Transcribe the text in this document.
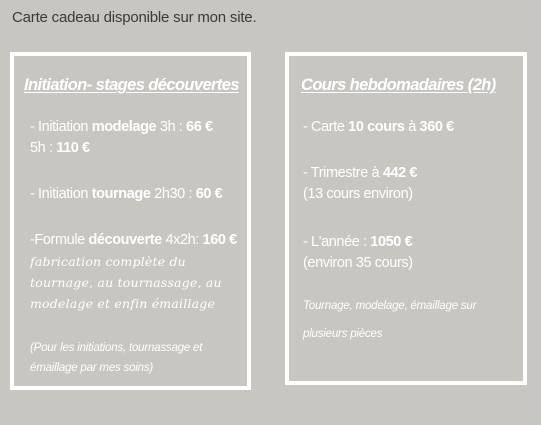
Carte cadeau disponible sur mon site.
Initiation- stages découvertes
- Initiation modelage 3h : 66 €
5h : 110 €
- Initiation tournage 2h30 : 60 €
-Formule découverte 4x2h: 160 €
fabrication complète du
tournage, au tournassage, au
modelage et enfin émaillage
(Pour les initiations, tournassage et
émaillage par mes soins)
Cours hebdomadaires (2h)
- Carte 10 cours à 360 €
- Trimestre à 442 €
(13 cours environ)
- L'année : 1050 €
(environ 35 cours)
Tournage, modelage, émaillage sur
plusieurs pièces
